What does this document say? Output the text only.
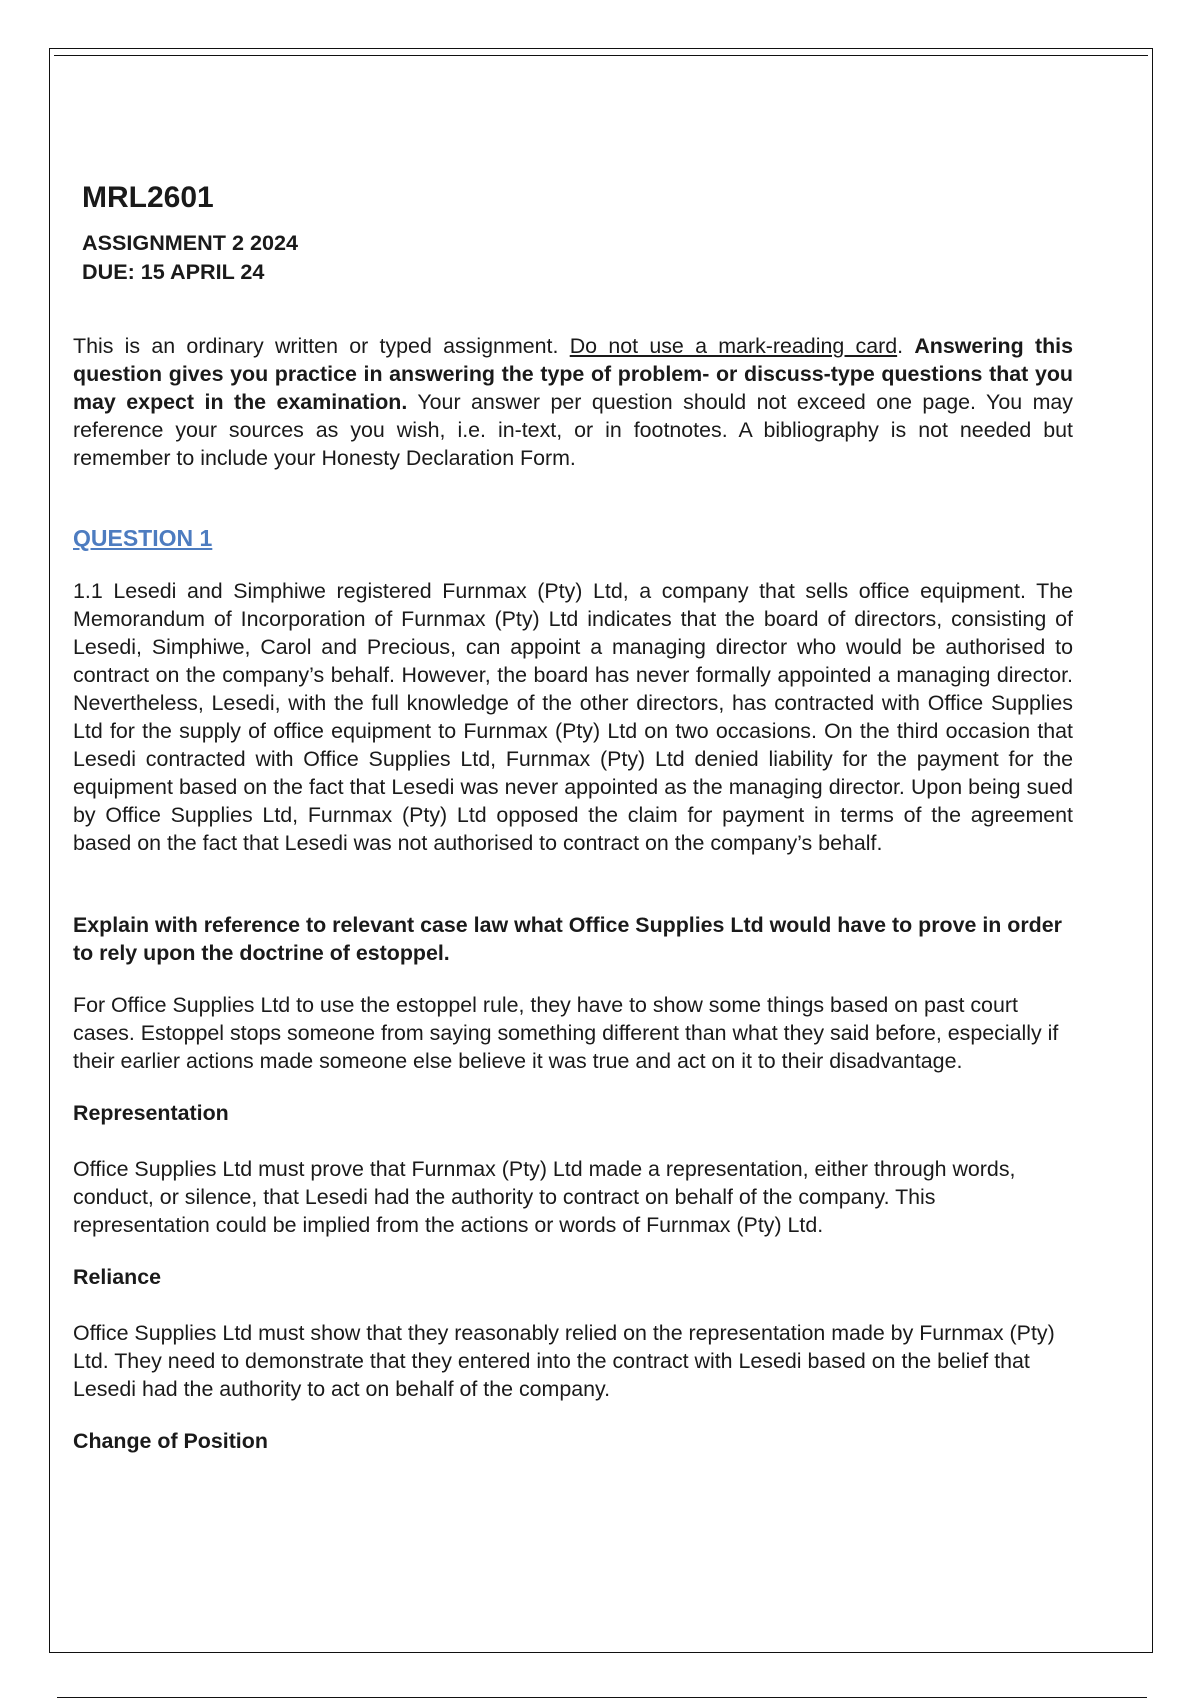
MRL2601
ASSIGNMENT 2 2024
DUE: 15 APRIL 24

This is an ordinary written or typed assignment. Do not use a mark-reading card. Answering this question gives you practice in answering the type of problem- or discuss-type questions that you may expect in the examination. Your answer per question should not exceed one page. You may reference your sources as you wish, i.e. in-text, or in footnotes. A bibliography is not needed but remember to include your Honesty Declaration Form.

QUESTION 1

1.1 Lesedi and Simphiwe registered Furnmax (Pty) Ltd, a company that sells office equipment. The Memorandum of Incorporation of Furnmax (Pty) Ltd indicates that the board of directors, consisting of Lesedi, Simphiwe, Carol and Precious, can appoint a managing director who would be authorised to contract on the company’s behalf. However, the board has never formally appointed a managing director. Nevertheless, Lesedi, with the full knowledge of the other directors, has contracted with Office Supplies Ltd for the supply of office equipment to Furnmax (Pty) Ltd on two occasions. On the third occasion that Lesedi contracted with Office Supplies Ltd, Furnmax (Pty) Ltd denied liability for the payment for the equipment based on the fact that Lesedi was never appointed as the managing director. Upon being sued by Office Supplies Ltd, Furnmax (Pty) Ltd opposed the claim for payment in terms of the agreement based on the fact that Lesedi was not authorised to contract on the company’s behalf.

Explain with reference to relevant case law what Office Supplies Ltd would have to prove in order to rely upon the doctrine of estoppel.

For Office Supplies Ltd to use the estoppel rule, they have to show some things based on past court cases. Estoppel stops someone from saying something different than what they said before, especially if their earlier actions made someone else believe it was true and act on it to their disadvantage.

Representation

Office Supplies Ltd must prove that Furnmax (Pty) Ltd made a representation, either through words, conduct, or silence, that Lesedi had the authority to contract on behalf of the company. This representation could be implied from the actions or words of Furnmax (Pty) Ltd.

Reliance

Office Supplies Ltd must show that they reasonably relied on the representation made by Furnmax (Pty) Ltd. They need to demonstrate that they entered into the contract with Lesedi based on the belief that Lesedi had the authority to act on behalf of the company.

Change of Position
